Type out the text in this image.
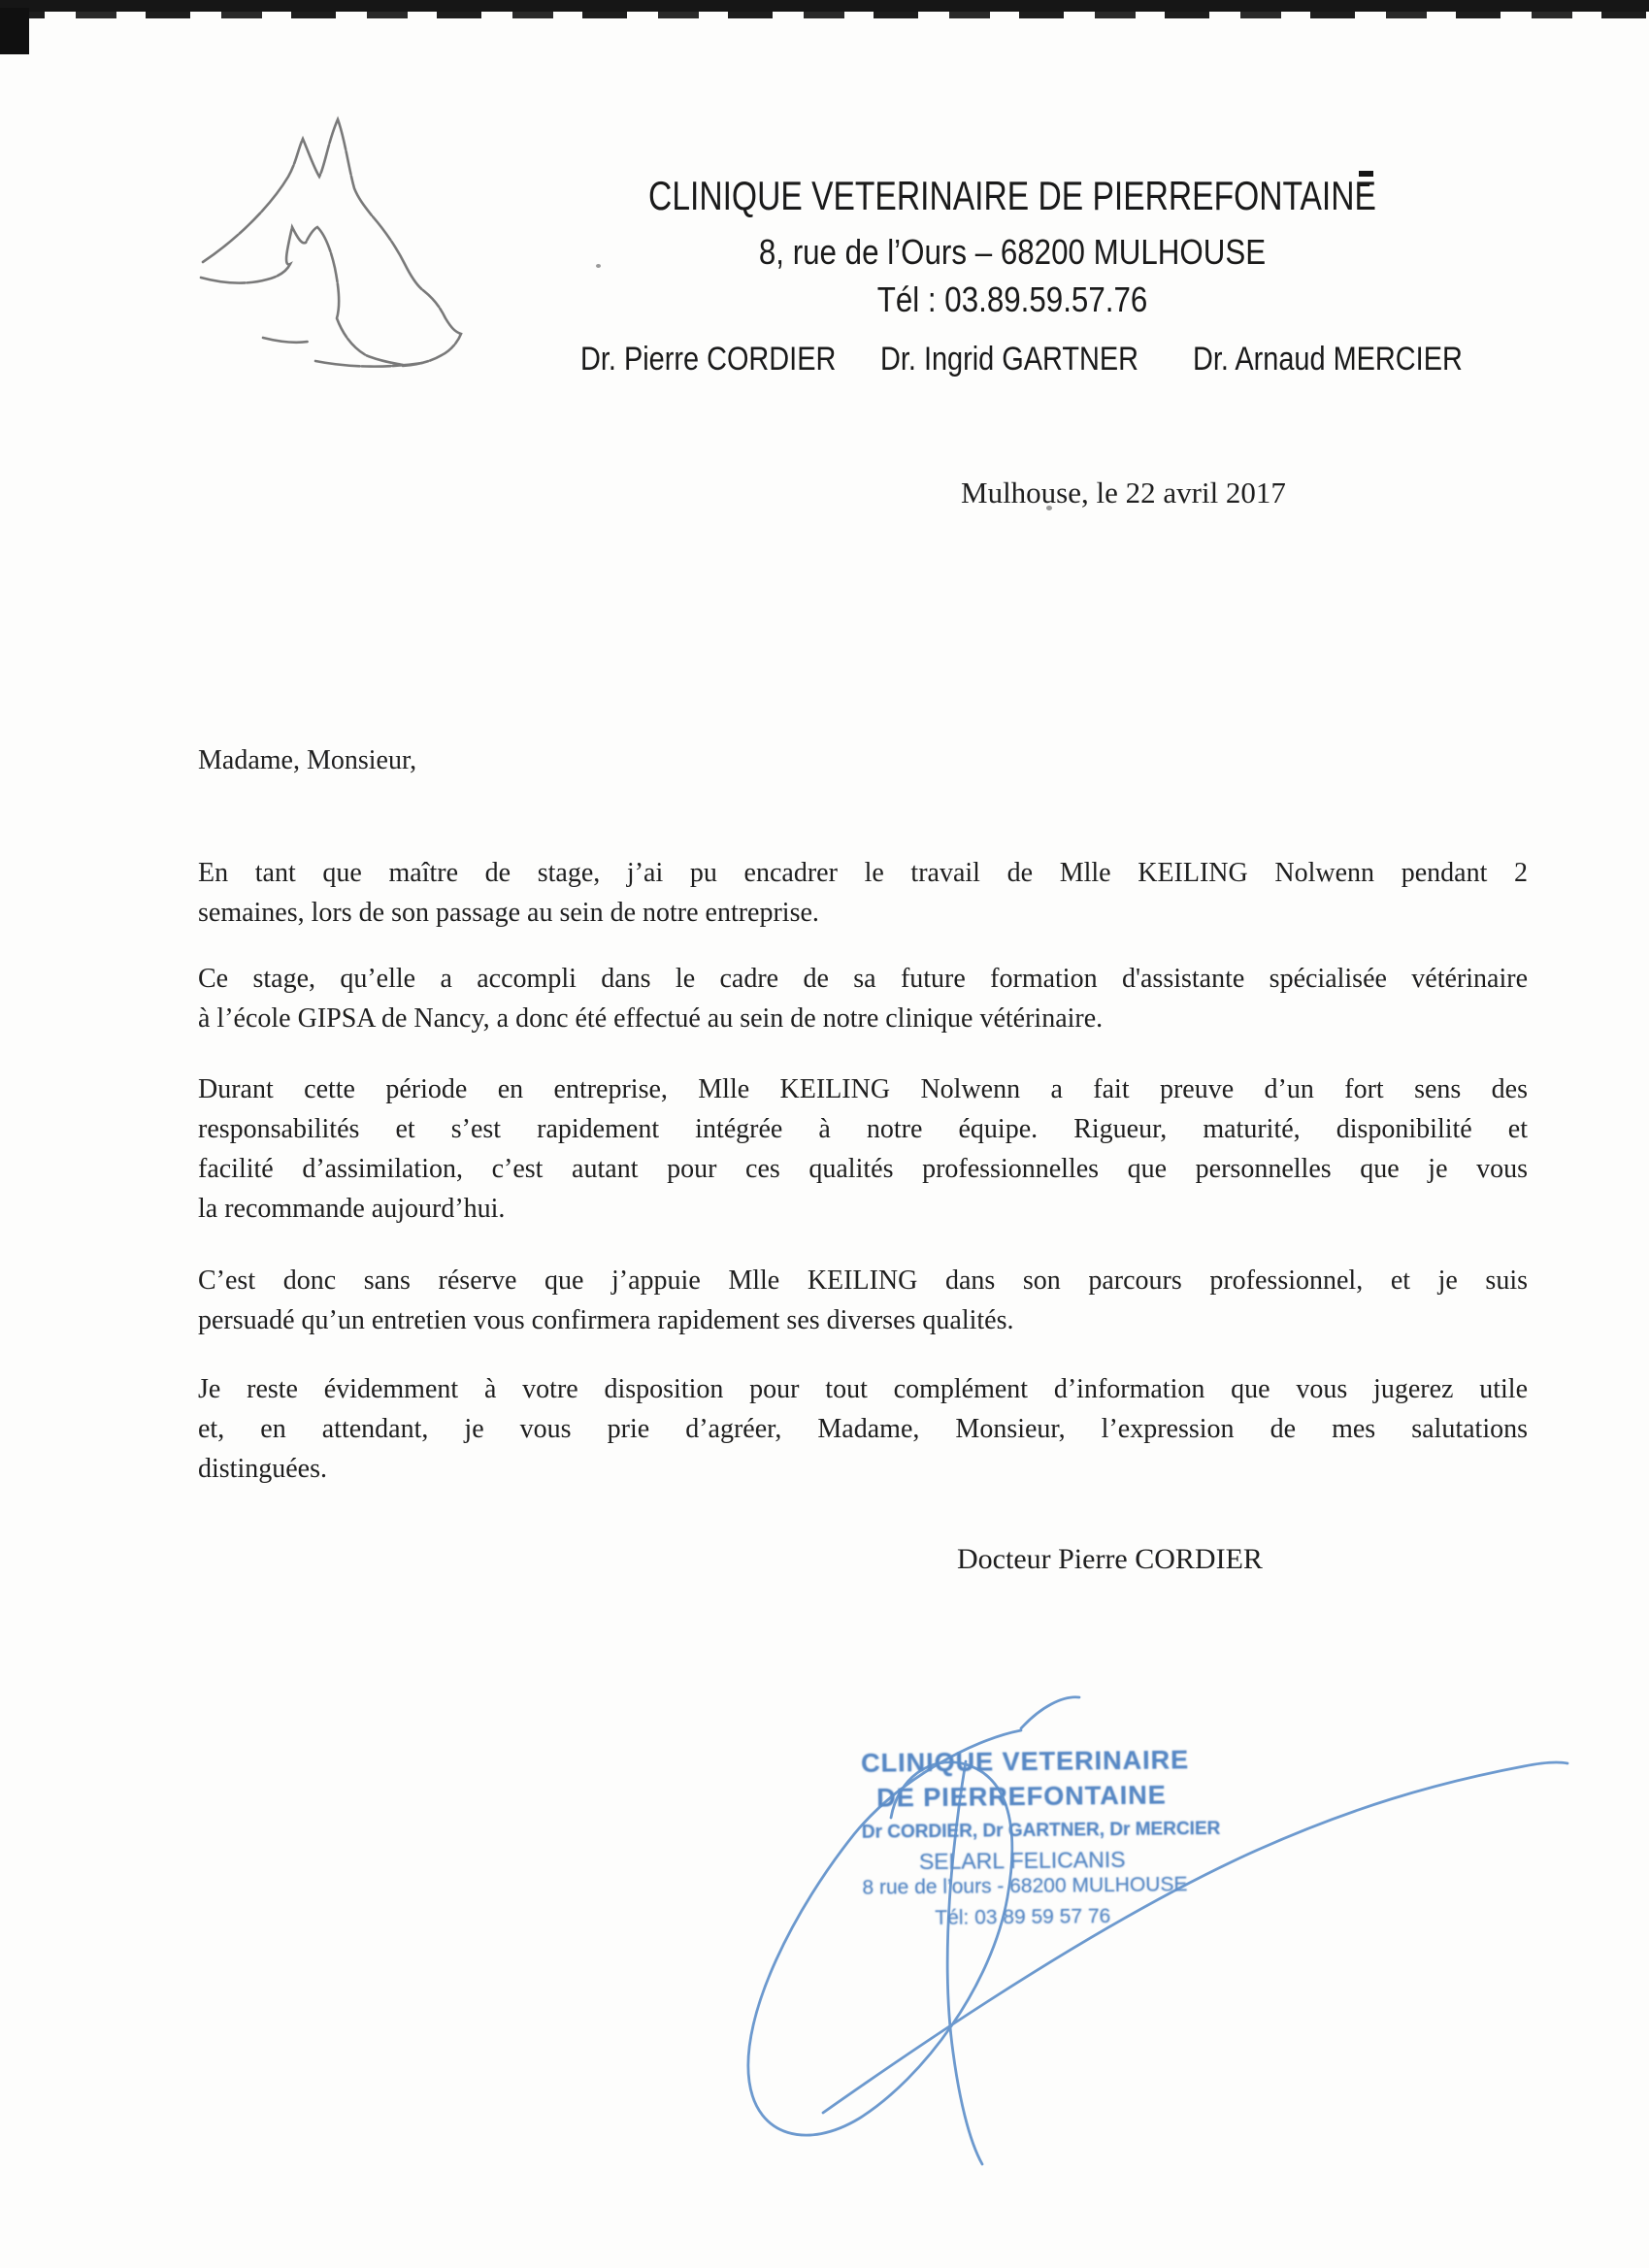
CLINIQUE VETERINAIRE DE PIERREFONTAINE
8, rue de l’Ours – 68200 MULHOUSE
Tél : 03.89.59.57.76
Dr. Pierre CORDIER Dr. Ingrid GARTNER Dr. Arnaud MERCIER
Mulhouse, le 22 avril 2017
Madame, Monsieur,
En tant que maître de stage, j’ai pu encadrer le travail de Mlle KEILING Nolwenn pendant 2
semaines, lors de son passage au sein de notre entreprise.
Ce stage, qu’elle a accompli dans le cadre de sa future formation d'assistante spécialisée vétérinaire
à l’école GIPSA de Nancy, a donc été effectué au sein de notre clinique vétérinaire.
Durant cette période en entreprise, Mlle KEILING Nolwenn a fait preuve d’un fort sens des
responsabilités et s’est rapidement intégrée à notre équipe. Rigueur, maturité, disponibilité et
facilité d’assimilation, c’est autant pour ces qualités professionnelles que personnelles que je vous
la recommande aujourd’hui.
C’est donc sans réserve que j’appuie Mlle KEILING dans son parcours professionnel, et je suis
persuadé qu’un entretien vous confirmera rapidement ses diverses qualités.
Je reste évidemment à votre disposition pour tout complément d’information que vous jugerez utile
et, en attendant, je vous prie d’agréer, Madame, Monsieur, l’expression de mes salutations
distinguées.
Docteur Pierre CORDIER
CLINIQUE VETERINAIRE
DE PIERREFONTAINE
Dr CORDIER, Dr GARTNER, Dr MERCIER
SELARL FELICANIS
8 rue de l’ours - 68200 MULHOUSE
Tél: 03 89 59 57 76
